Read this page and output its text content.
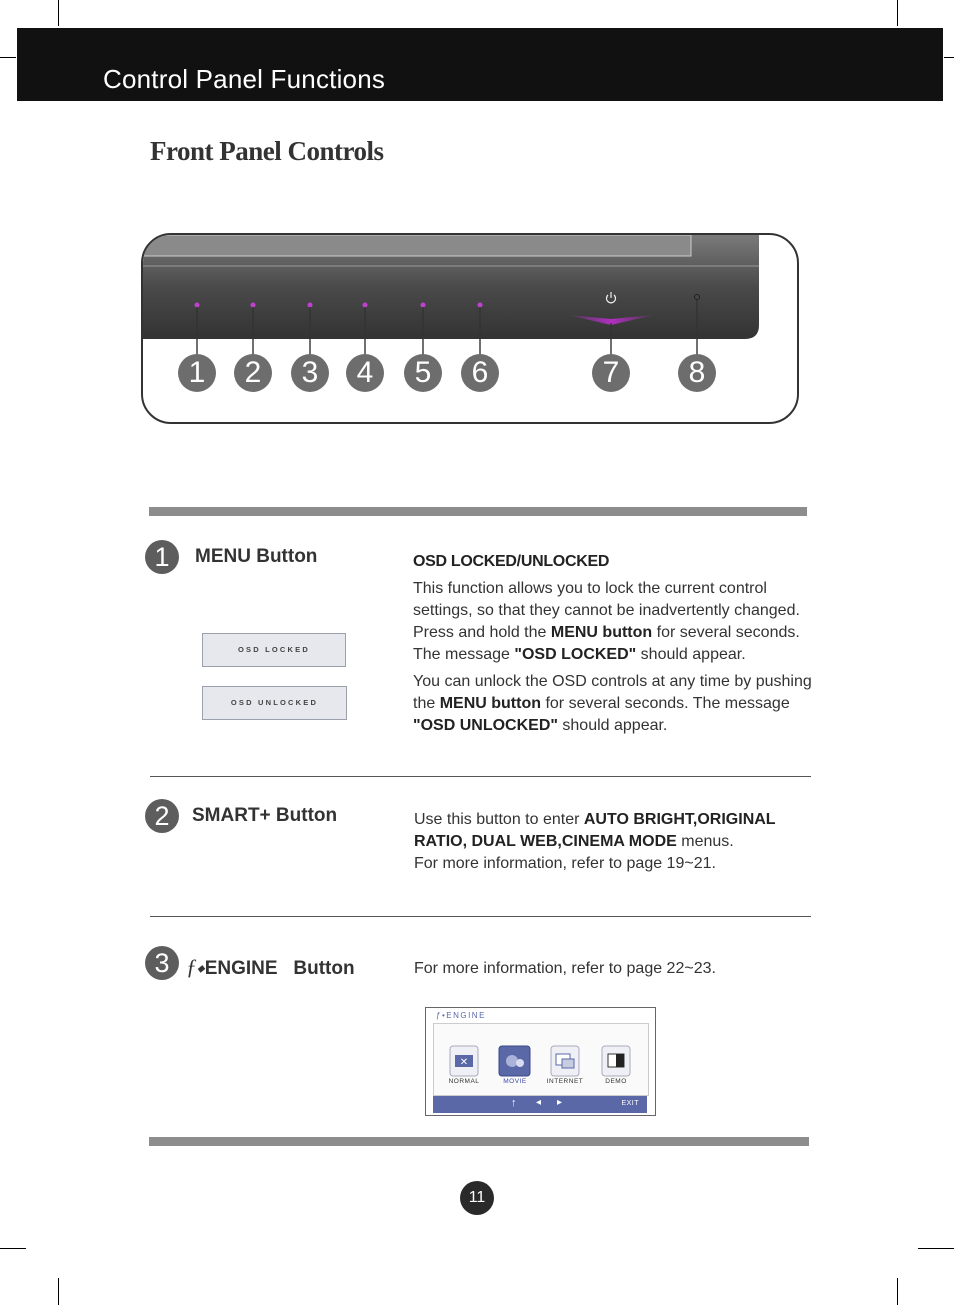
Control Panel Functions
Front Panel Controls
1	2	3	4	5	6	7	8
1	MENU Button
OSD LOCKED
OSD UNLOCKED
OSD LOCKED/UNLOCKED
This function allows you to lock the current control settings, so that they cannot be inadvertently changed. Press and hold the MENU button for several seconds. The message "OSD LOCKED" should appear.
You can unlock the OSD controls at any time by pushing the MENU button for several seconds. The message "OSD UNLOCKED" should appear.
2	SMART+ Button	Use this button to enter AUTO BRIGHT,ORIGINAL RATIO, DUAL WEB,CINEMA MODE menus.
For more information, refer to page 19~21.
3 ƒ◆ENGINE Button	For more information, refer to page 22~23.
ƒ•ENGINE
✕
NORMAL	MOVIE	INTERNET	DEMO
↑ ◂ ▸	EXIT
11
